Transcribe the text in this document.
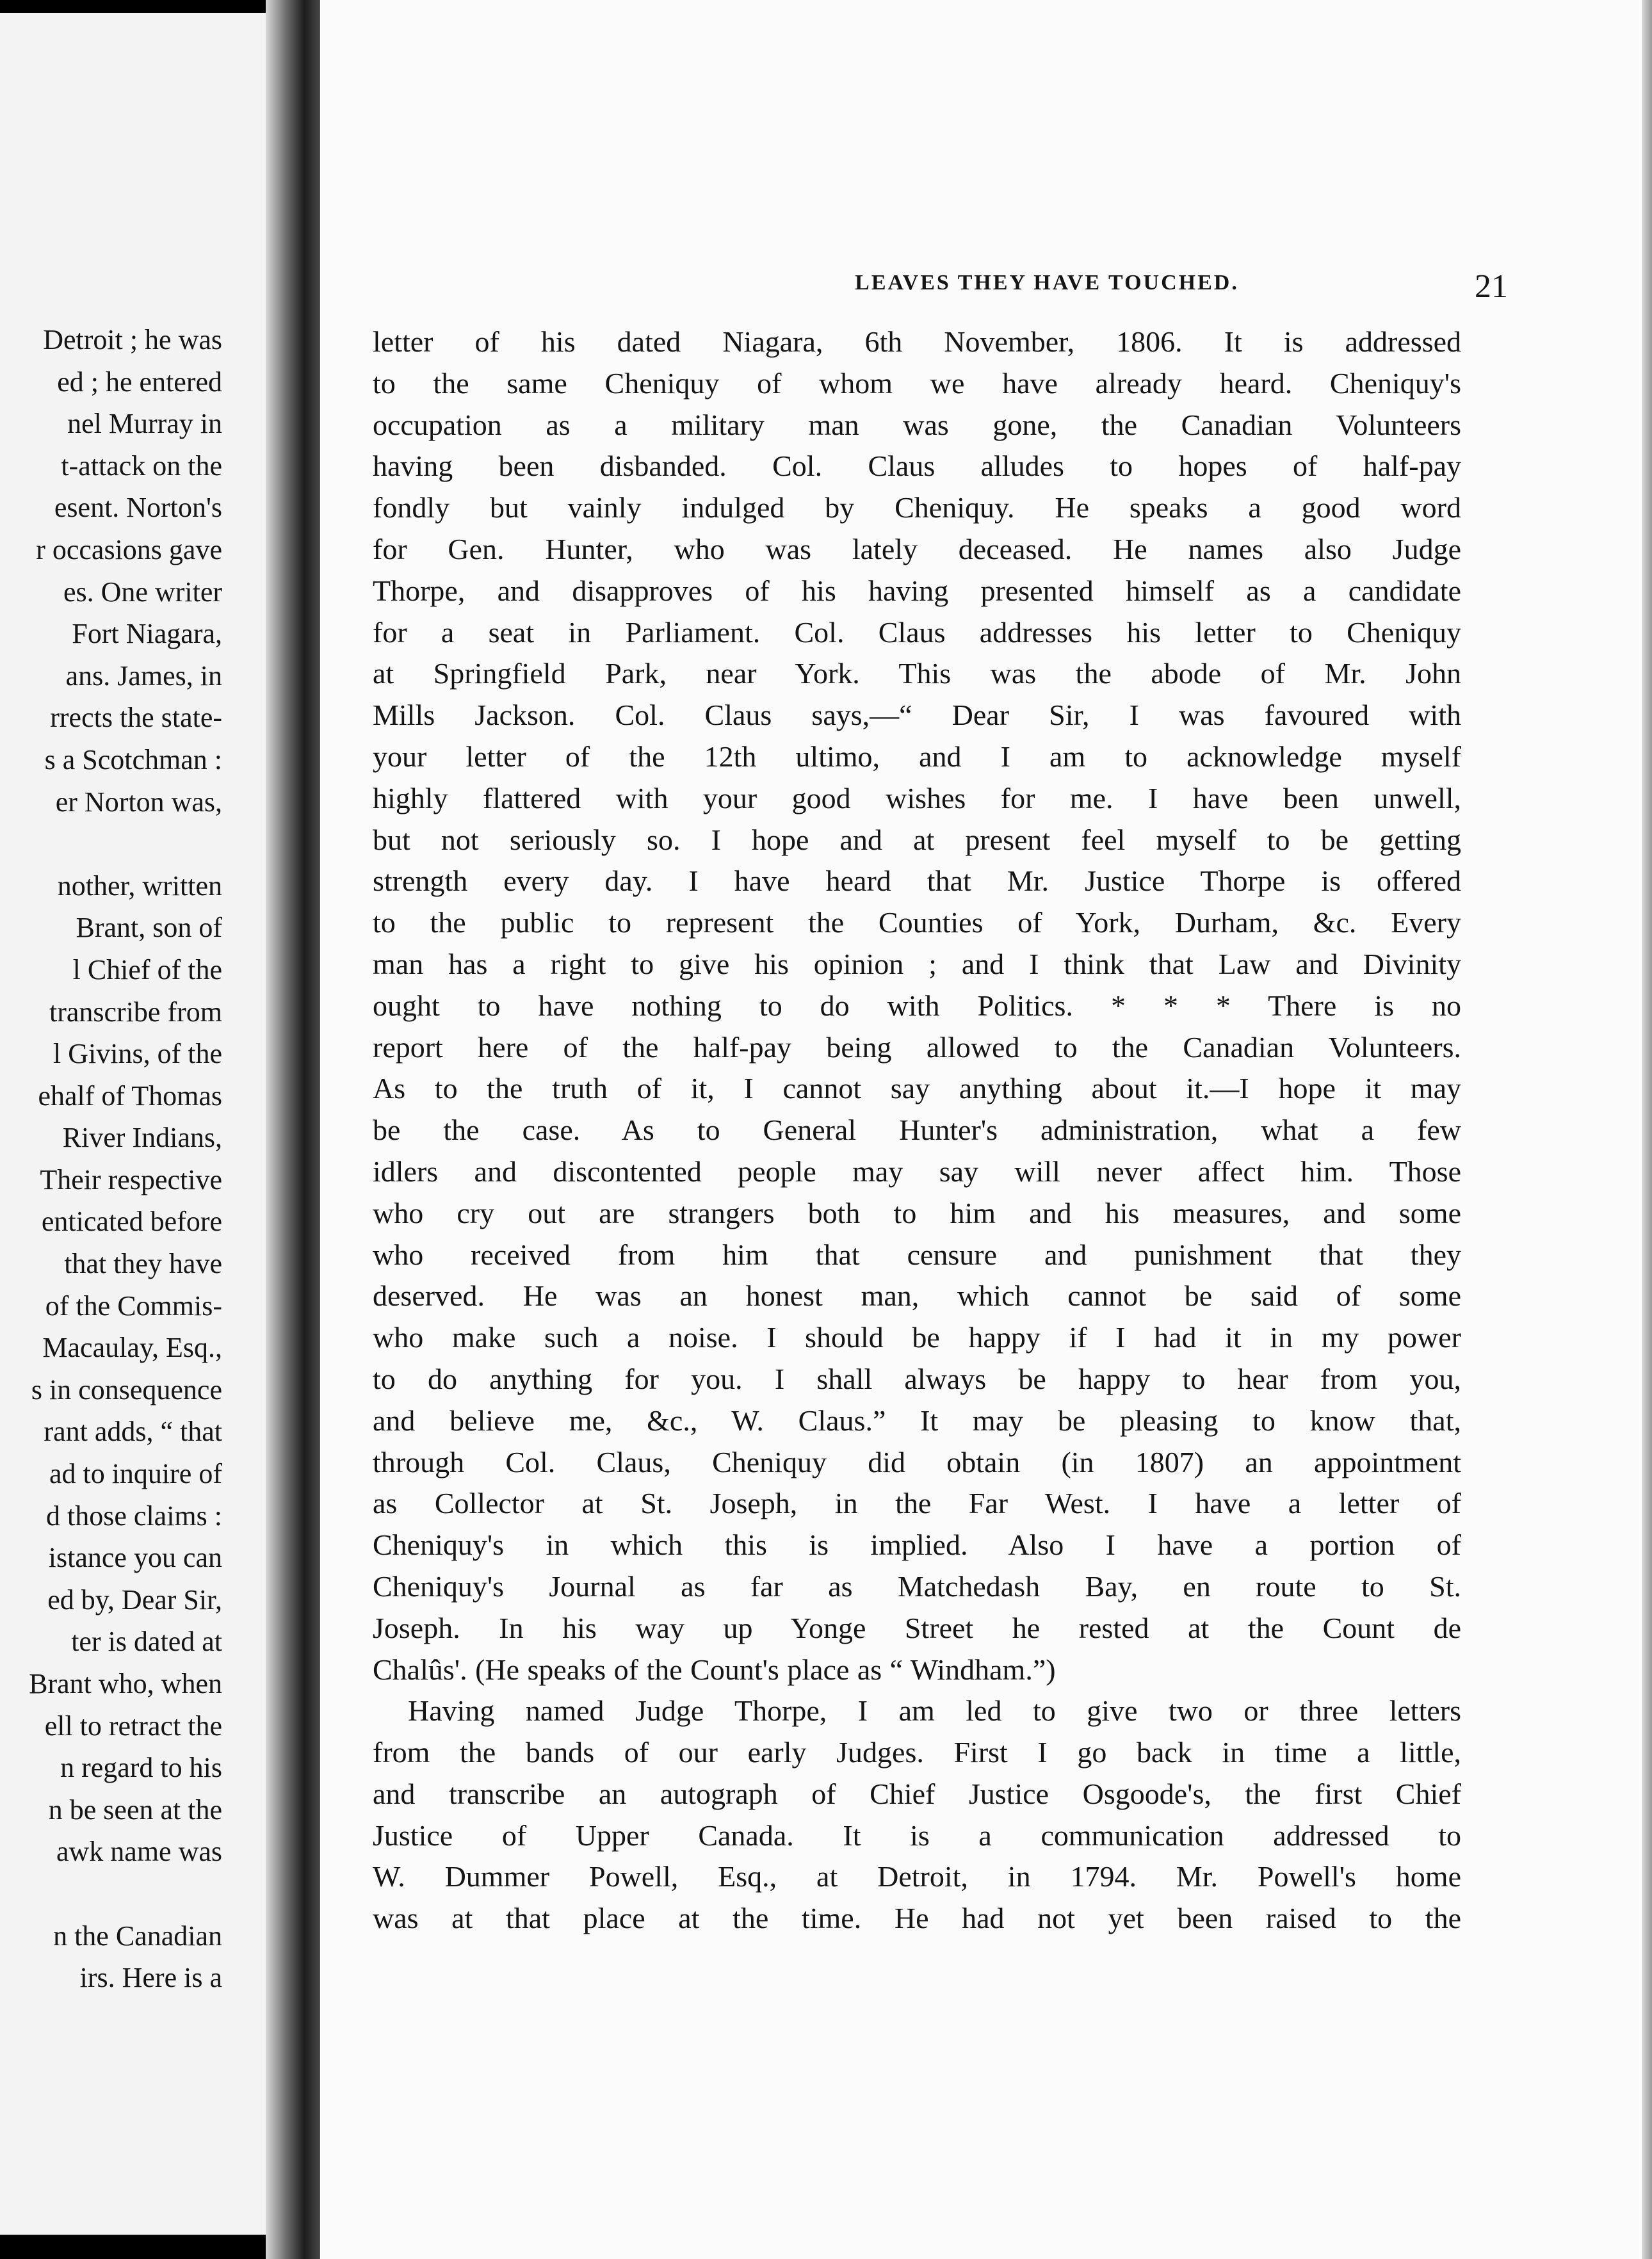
Detroit ; he was
ed ; he entered
nel Murray in
t-attack on the
esent. Norton's
r occasions gave
es. One writer
Fort Niagara,
ans. James, in
rrects the state-
s a Scotchman :
er Norton was,
nother, written
Brant, son of
l Chief of the
transcribe from
l Givins, of the
ehalf of Thomas
River Indians,
Their respective
enticated before
that they have
of the Commis-
Macaulay, Esq.,
s in consequence
rant adds, “ that
ad to inquire of
d those claims :
istance you can
ed by, Dear Sir,
ter is dated at
Brant who, when
ell to retract the
n regard to his
n be seen at the
awk name was
n the Canadian
irs. Here is a
LEAVES THEY HAVE TOUCHED.	21
letter of his dated Niagara, 6th November, 1806. It is addressed
to the same Cheniquy of whom we have already heard. Cheniquy's
occupation as a military man was gone, the Canadian Volunteers
having been disbanded. Col. Claus alludes to hopes of half-pay
fondly but vainly indulged by Cheniquy. He speaks a good word
for Gen. Hunter, who was lately deceased. He names also Judge
Thorpe, and disapproves of his having presented himself as a candidate
for a seat in Parliament. Col. Claus addresses his letter to Cheniquy
at Springfield Park, near York. This was the abode of Mr. John
Mills Jackson. Col. Claus says,—“ Dear Sir, I was favoured with
your letter of the 12th ultimo, and I am to acknowledge myself
highly flattered with your good wishes for me. I have been unwell,
but not seriously so. I hope and at present feel myself to be getting
strength every day. I have heard that Mr. Justice Thorpe is offered
to the public to represent the Counties of York, Durham, &c. Every
man has a right to give his opinion ; and I think that Law and Divinity
ought to have nothing to do with Politics. * * * There is no
report here of the half-pay being allowed to the Canadian Volunteers.
As to the truth of it, I cannot say anything about it.—I hope it may
be the case. As to General Hunter's administration, what a few
idlers and discontented people may say will never affect him. Those
who cry out are strangers both to him and his measures, and some
who received from him that censure and punishment that they
deserved. He was an honest man, which cannot be said of some
who make such a noise. I should be happy if I had it in my power
to do anything for you. I shall always be happy to hear from you,
and believe me, &c., W. Claus.” It may be pleasing to know that,
through Col. Claus, Cheniquy did obtain (in 1807) an appointment
as Collector at St. Joseph, in the Far West. I have a letter of
Cheniquy's in which this is implied. Also I have a portion of
Cheniquy's Journal as far as Matchedash Bay, en route to St.
Joseph. In his way up Yonge Street he rested at the Count de
Chalûs'. (He speaks of the Count's place as “ Windham.”)
Having named Judge Thorpe, I am led to give two or three letters
from the bands of our early Judges. First I go back in time a little,
and transcribe an autograph of Chief Justice Osgoode's, the first Chief
Justice of Upper Canada. It is a communication addressed to
W. Dummer Powell, Esq., at Detroit, in 1794. Mr. Powell's home
was at that place at the time. He had not yet been raised to the
